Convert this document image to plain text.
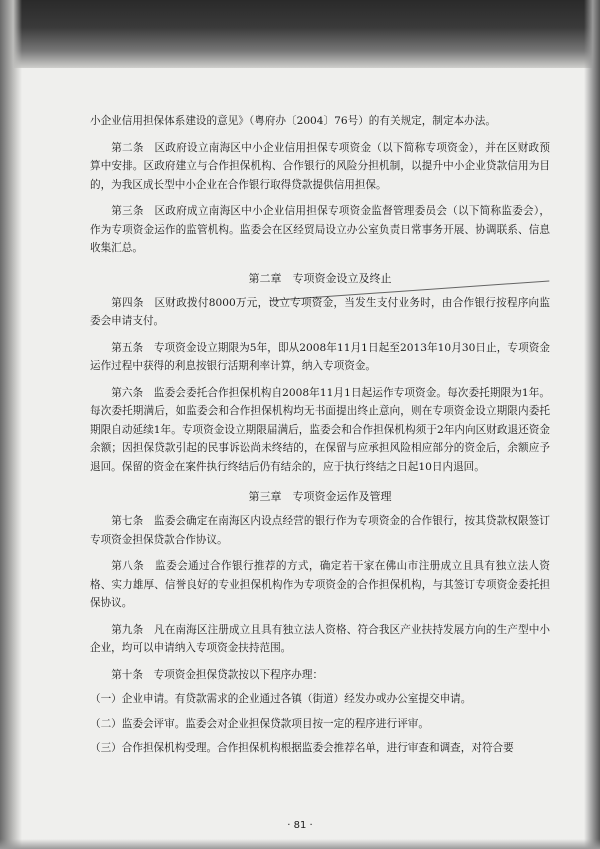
小企业信用担保体系建设的意见》（粤府办〔2004〕76号）的有关规定，制定本办法。

第二条　区政府设立南海区中小企业信用担保专项资金（以下简称专项资金），并在区财政预算中安排。区政府建立与合作担保机构、合作银行的风险分担机制，以提升中小企业贷款信用为目的，为我区成长型中小企业在合作银行取得贷款提供信用担保。

第三条　区政府成立南海区中小企业信用担保专项资金监督管理委员会（以下简称监委会），作为专项资金运作的监管机构。监委会在区经贸局设立办公室负责日常事务开展、协调联系、信息收集汇总。

第二章　专项资金设立及终止

第四条　区财政拨付8000万元，设立专项资金，当发生支付业务时，由合作银行按程序向监委会申请支付。

第五条　专项资金设立期限为5年，即从2008年11月1日起至2013年10月30日止，专项资金运作过程中获得的利息按银行活期利率计算，纳入专项资金。

第六条　监委会委托合作担保机构自2008年11月1日起运作专项资金。每次委托期限为1年。每次委托期满后，如监委会和合作担保机构均无书面提出终止意向，则在专项资金设立期限内委托期限自动延续1年。专项资金设立期限届满后，监委会和合作担保机构须于2年内向区财政退还资金余额；因担保贷款引起的民事诉讼尚未终结的，在保留与应承担风险相应部分的资金后，余额应予退回。保留的资金在案件执行终结后仍有结余的，应于执行终结之日起10日内退回。

第三章　专项资金运作及管理

第七条　监委会确定在南海区内设点经营的银行作为专项资金的合作银行，按其贷款权限签订专项资金担保贷款合作协议。

第八条　监委会通过合作银行推荐的方式，确定若干家在佛山市注册成立且具有独立法人资格、实力雄厚、信誉良好的专业担保机构作为专项资金的合作担保机构，与其签订专项资金委托担保协议。

第九条　凡在南海区注册成立且具有独立法人资格、符合我区产业扶持发展方向的生产型中小企业，均可以申请纳入专项资金扶持范围。

第十条　专项资金担保贷款按以下程序办理：

（一）企业申请。有贷款需求的企业通过各镇（街道）经发办或办公室提交申请。

（二）监委会评审。监委会对企业担保贷款项目按一定的程序进行评审。

（三）合作担保机构受理。合作担保机构根据监委会推荐名单，进行审查和调查，对符合要

· 81 ·
